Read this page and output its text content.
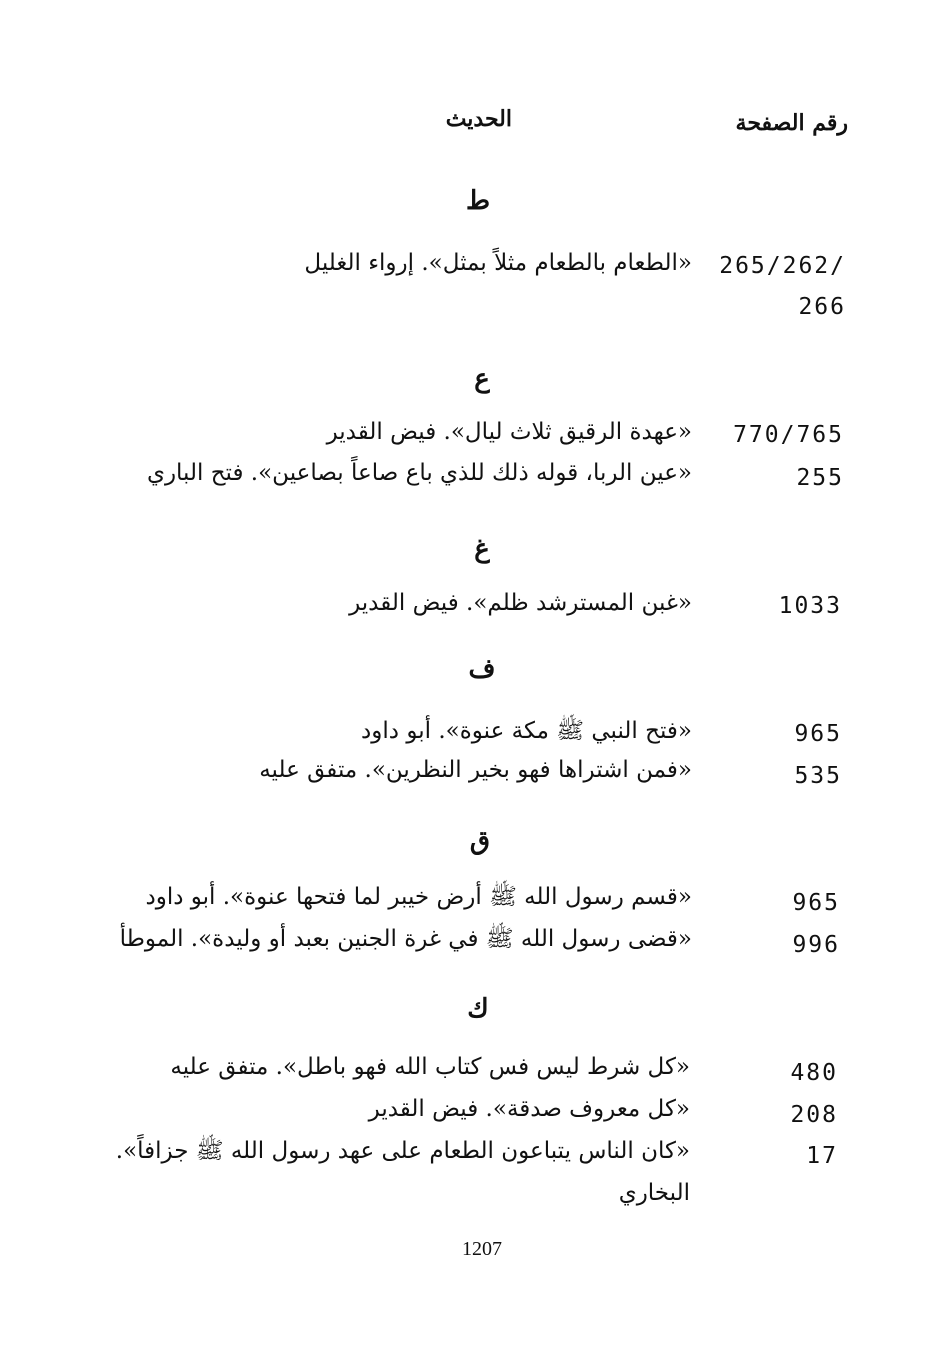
رقم الصفحة
الحديث
ط
265/262/
266
«الطعام بالطعام مثلاً بمثل». إرواء الغليل
ع
770/765
«عهدة الرقيق ثلاث ليال». فيض القدير
255
«عين الربا، قوله ذلك للذي باع صاعاً بصاعين». فتح الباري
غ
1033
«غبن المسترشد ظلم». فيض القدير
ف
965
«فتح النبي ﷺ مكة عنوة». أبو داود
535
«فمن اشتراها فهو بخير النظرين». متفق عليه
ق
965
«قسم رسول الله ﷺ أرض خيبر لما فتحها عنوة». أبو داود
996
«قضى رسول الله ﷺ في غرة الجنين بعبد أو وليدة». الموطأ
ك
480
«كل شرط ليس فس كتاب الله فهو باطل». متفق عليه
208
«كل معروف صدقة». فيض القدير
17
«كان الناس يتباعون الطعام على عهد رسول الله ﷺ جزافاً».
البخاري
1207
